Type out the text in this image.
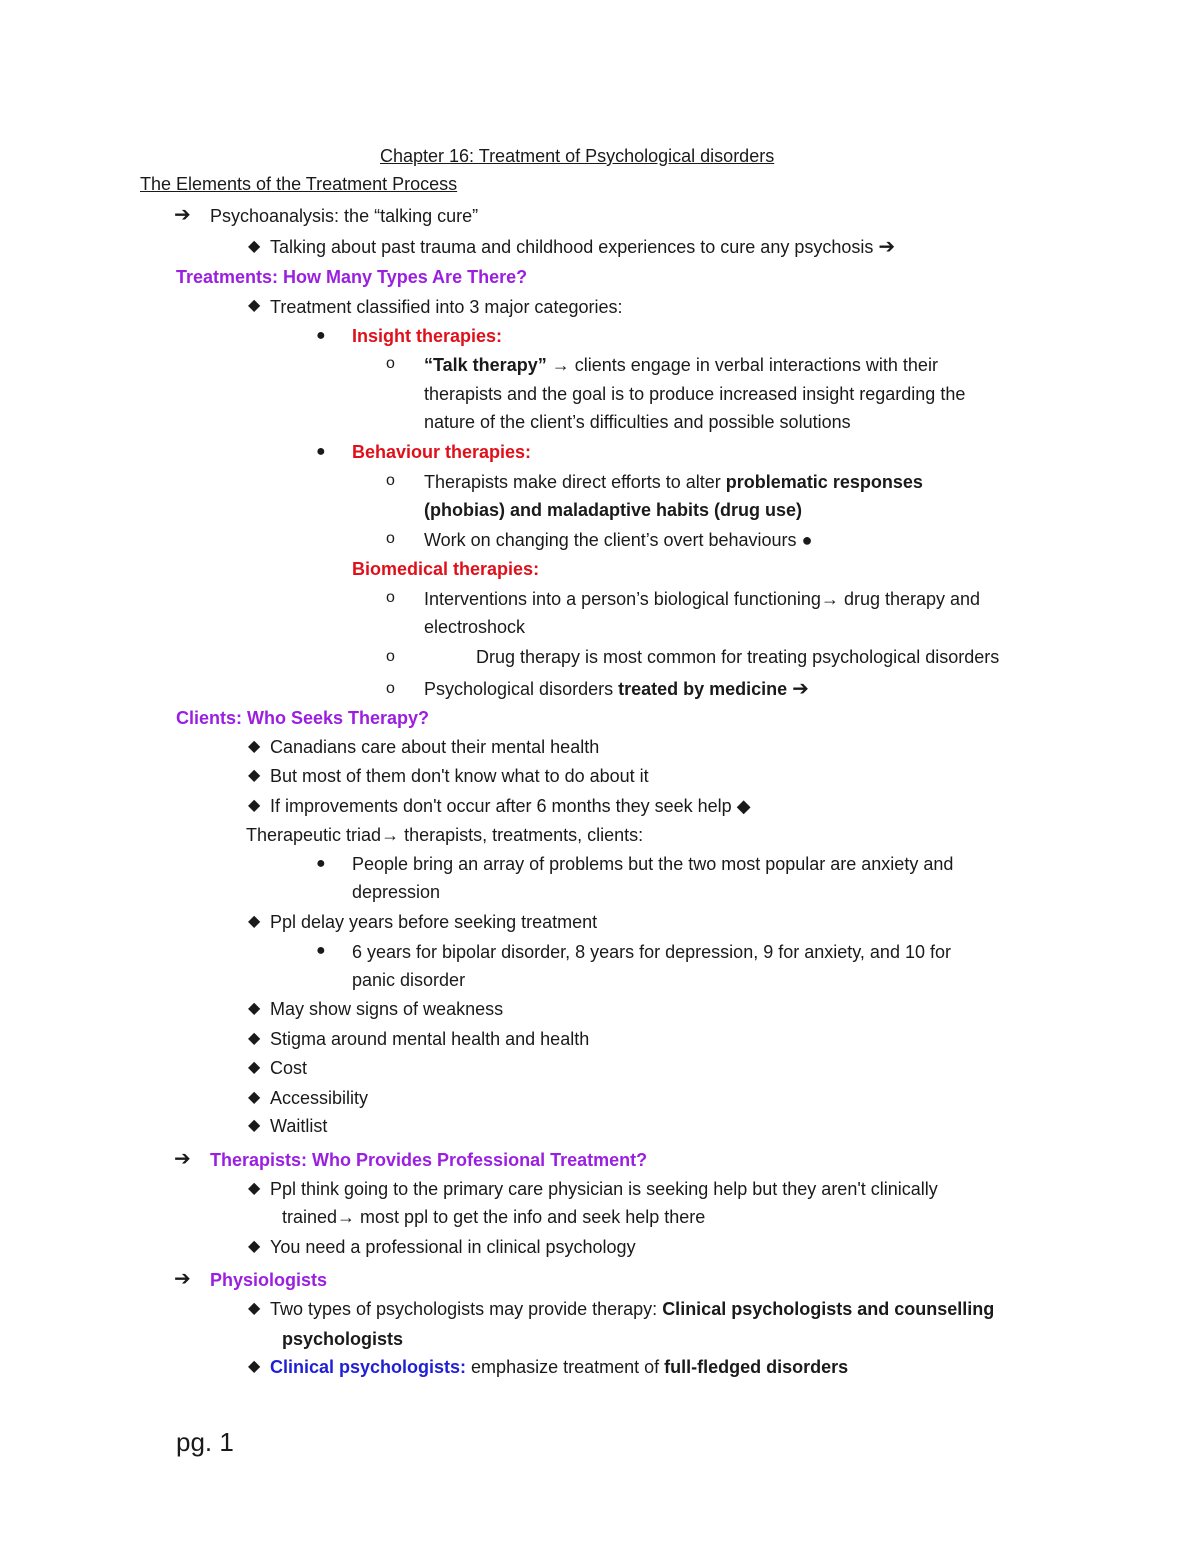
Chapter 16: Treatment of Psychological disorders
The Elements of the Treatment Process
➔ Psychoanalysis: the “talking cure”
◆ Talking about past trauma and childhood experiences to cure any psychosis ➔
Treatments: How Many Types Are There?
◆ Treatment classified into 3 major categories:
● Insight therapies:
o “Talk therapy” → clients engage in verbal interactions with their
therapists and the goal is to produce increased insight regarding the
nature of the client’s difficulties and possible solutions
● Behaviour therapies:
o Therapists make direct efforts to alter problematic responses
(phobias) and maladaptive habits (drug use)
o Work on changing the client’s overt behaviours ●
Biomedical therapies:
o Interventions into a person’s biological functioning→ drug therapy and
electroshock
o	Drug therapy is most common for treating psychological disorders
o Psychological disorders treated by medicine ➔
Clients: Who Seeks Therapy?
◆ Canadians care about their mental health
◆ But most of them don't know what to do about it
◆ If improvements don't occur after 6 months they seek help ◆
Therapeutic triad→ therapists, treatments, clients:
● People bring an array of problems but the two most popular are anxiety and
depression
◆ Ppl delay years before seeking treatment
● 6 years for bipolar disorder, 8 years for depression, 9 for anxiety, and 10 for
panic disorder
◆ May show signs of weakness
◆ Stigma around mental health and health
◆ Cost
◆ Accessibility
◆ Waitlist
➔ Therapists: Who Provides Professional Treatment?
◆ Ppl think going to the primary care physician is seeking help but they aren't clinically
trained→ most ppl to get the info and seek help there
◆ You need a professional in clinical psychology
➔ Physiologists
◆ Two types of psychologists may provide therapy: Clinical psychologists and counselling
psychologists
◆ Clinical psychologists: emphasize treatment of full-fledged disorders
pg. 1
